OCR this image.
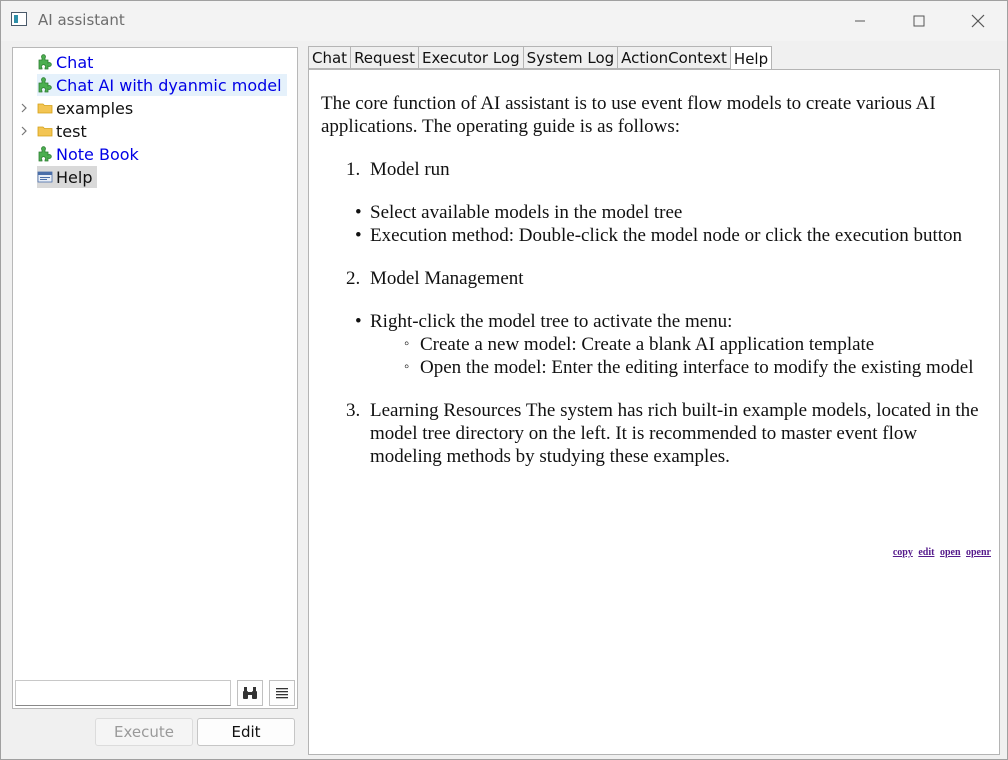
AI assistant
Chat
Chat AI with dyanmic model
examples
test
Note Book
Help
Execute	Edit
Chat Request Executor Log System Log ActionContext Help

The core function of AI assistant is to use event flow models to create various AI applications. The operating guide is as follows:

1. Model run
• Select available models in the model tree
• Execution method: Double-click the model node or click the execution button
2. Model Management
• Right-click the model tree to activate the menu:
◦ Create a new model: Create a blank AI application template
◦ Open the model: Enter the editing interface to modify the existing model
3. Learning Resources The system has rich built-in example models, located in the model tree directory on the left. It is recommended to master event flow modeling methods by studying these examples.
copy edit open openr
